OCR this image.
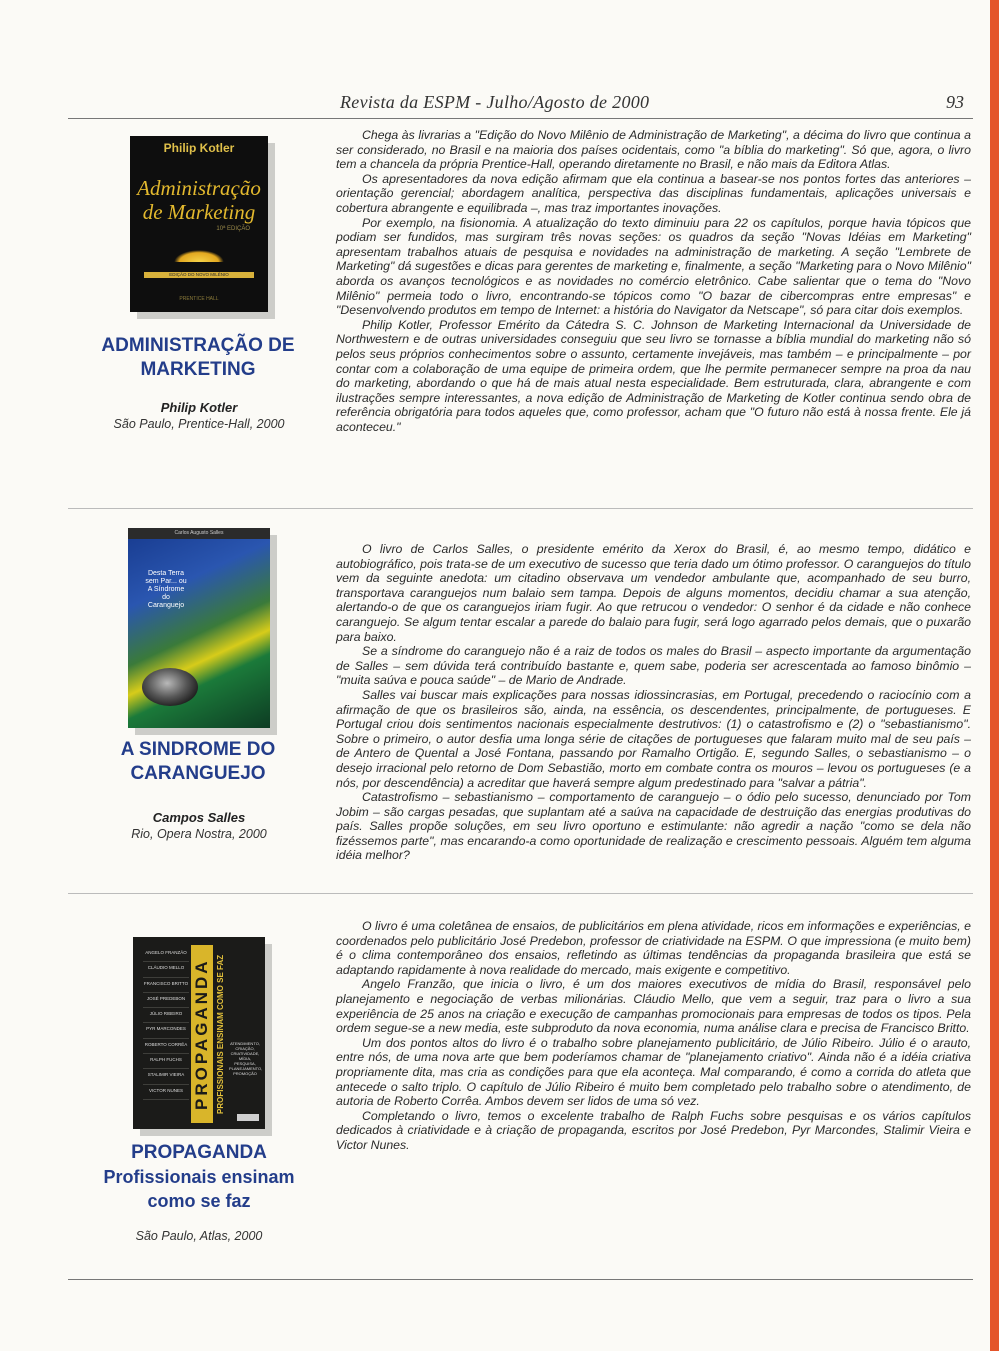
Revista da ESPM - Julho/Agosto de 2000	93
Philip Kotler
Administração
de Marketing
10ª EDIÇÃO
EDIÇÃO DO NOVO MILÊNIO
PRENTICE HALL
ADMINISTRAÇÃO DE MARKETING
Philip Kotler
São Paulo, Prentice-Hall, 2000

Chega às livrarias a "Edição do Novo Milênio de Administração de Marketing", a décima do livro que continua a ser considerado, no Brasil e na maioria dos países ocidentais, como "a bíblia do marketing". Só que, agora, o livro tem a chancela da própria Prentice-Hall, operando diretamente no Brasil, e não mais da Editora Atlas.

Os apresentadores da nova edição afirmam que ela continua a basear-se nos pontos fortes das anteriores – orientação gerencial; abordagem analítica, perspectiva das disciplinas fundamentais, aplicações universais e cobertura abrangente e equilibrada –, mas traz importantes inovações.

Por exemplo, na fisionomia. A atualização do texto diminuiu para 22 os capítulos, porque havia tópicos que podiam ser fundidos, mas surgiram três novas seções: os quadros da seção "Novas Idéias em Marketing" apresentam trabalhos atuais de pesquisa e novidades na administração de marketing. A seção "Lembrete de Marketing" dá sugestões e dicas para gerentes de marketing e, finalmente, a seção "Marketing para o Novo Milênio" aborda os avanços tecnológicos e as novidades no comércio eletrônico. Cabe salientar que o tema do "Novo Milênio" permeia todo o livro, encontrando-se tópicos como "O bazar de cibercompras entre empresas" e "Desenvolvendo produtos em tempo de Internet: a história do Navigator da Netscape", só para citar dois exemplos.

Philip Kotler, Professor Emérito da Cátedra S. C. Johnson de Marketing Internacional da Universidade de Northwestern e de outras universidades conseguiu que seu livro se tornasse a bíblia mundial do marketing não só pelos seus próprios conhecimentos sobre o assunto, certamente invejáveis, mas também – e principalmente – por contar com a colaboração de uma equipe de primeira ordem, que lhe permite permanecer sempre na proa da nau do marketing, abordando o que há de mais atual nesta especialidade. Bem estruturada, clara, abrangente e com ilustrações sempre interessantes, a nova edição de Administração de Marketing de Kotler continua sendo obra de referência obrigatória para todos aqueles que, como professor, acham que "O futuro não está à nossa frente. Ele já aconteceu."

Carlos Augusto Salles
Desta Terra sem Par... ou A Síndrome do Caranguejo
A SINDROME DO CARANGUEJO
Campos Salles
Rio, Opera Nostra, 2000

O livro de Carlos Salles, o presidente emérito da Xerox do Brasil, é, ao mesmo tempo, didático e autobiográfico, pois trata-se de um executivo de sucesso que teria dado um ótimo professor. O caranguejos do título vem da seguinte anedota: um citadino observava um vendedor ambulante que, acompanhado de seu burro, transportava caranguejos num balaio sem tampa. Depois de alguns momentos, decidiu chamar a sua atenção, alertando-o de que os caranguejos iriam fugir. Ao que retrucou o vendedor: O senhor é da cidade e não conhece caranguejo. Se algum tentar escalar a parede do balaio para fugir, será logo agarrado pelos demais, que o puxarão para baixo.

Se a síndrome do caranguejo não é a raiz de todos os males do Brasil – aspecto importante da argumentação de Salles – sem dúvida terá contribuído bastante e, quem sabe, poderia ser acrescentada ao famoso binômio – "muita saúva e pouca saúde" – de Mario de Andrade.

Salles vai buscar mais explicações para nossas idiossincrasias, em Portugal, precedendo o raciocínio com a afirmação de que os brasileiros são, ainda, na essência, os descendentes, principalmente, de portugueses. E Portugal criou dois sentimentos nacionais especialmente destrutivos: (1) o catastrofismo e (2) o "sebastianismo". Sobre o primeiro, o autor desfia uma longa série de citações de portugueses que falaram muito mal de seu país – de Antero de Quental a José Fontana, passando por Ramalho Ortigão. E, segundo Salles, o sebastianismo – o desejo irracional pelo retorno de Dom Sebastião, morto em combate contra os mouros – levou os portugueses (e a nós, por descendência) a acreditar que haverá sempre algum predestinado para "salvar a pátria".

Catastrofismo – sebastianismo – comportamento de caranguejo – o ódio pelo sucesso, denunciado por Tom Jobim – são cargas pesadas, que suplantam até a saúva na capacidade de destruição das energias produtivas do país. Salles propõe soluções, em seu livro oportuno e estimulante: não agredir a nação "como se dela não fizéssemos parte", mas encarando-a como oportunidade de realização e crescimento pessoais. Alguém tem alguma idéia melhor?

ANGELO FRANZÃO
CLÁUDIO MELLO
FRANCISCO BRITTO
JOSÉ PREDEBON
JÚLIO RIBEIRO
PYR MARCONDES
ROBERTO CORRÊA
RALPH FUCHS
STALIMIR VIEIRA
VICTOR NUNES PROPAGANDA PROFISSIONAIS ENSINAM COMO SE FAZ	ATENDIMENTO, CRIAÇÃO, CRIATIVIDADE, MÍDIA, PESQUISA, PLANEJAMENTO, PROMOÇÃO
PROPAGANDA
Profissionais ensinam como se faz
São Paulo, Atlas, 2000

O livro é uma coletânea de ensaios, de publicitários em plena atividade, ricos em informações e experiências, e coordenados pelo publicitário José Predebon, professor de criatividade na ESPM. O que impressiona (e muito bem) é o clima contemporâneo dos ensaios, refletindo as últimas tendências da propaganda brasileira que está se adaptando rapidamente à nova realidade do mercado, mais exigente e competitivo.

Angelo Franzão, que inicia o livro, é um dos maiores executivos de mídia do Brasil, responsável pelo planejamento e negociação de verbas milionárias. Cláudio Mello, que vem a seguir, traz para o livro a sua experiência de 25 anos na criação e execução de campanhas promocionais para empresas de todos os tipos. Pela ordem segue-se a new media, este subproduto da nova economia, numa análise clara e precisa de Francisco Britto.

Um dos pontos altos do livro é o trabalho sobre planejamento publicitário, de Júlio Ribeiro. Júlio é o arauto, entre nós, de uma nova arte que bem poderíamos chamar de "planejamento criativo". Ainda não é a idéia criativa propriamente dita, mas cria as condições para que ela aconteça. Mal comparando, é como a corrida do atleta que antecede o salto triplo. O capítulo de Júlio Ribeiro é muito bem completado pelo trabalho sobre o atendimento, de autoria de Roberto Corrêa. Ambos devem ser lidos de uma só vez.

Completando o livro, temos o excelente trabalho de Ralph Fuchs sobre pesquisas e os vários capítulos dedicados à criatividade e à criação de propaganda, escritos por José Predebon, Pyr Marcondes, Stalimir Vieira e Victor Nunes.
